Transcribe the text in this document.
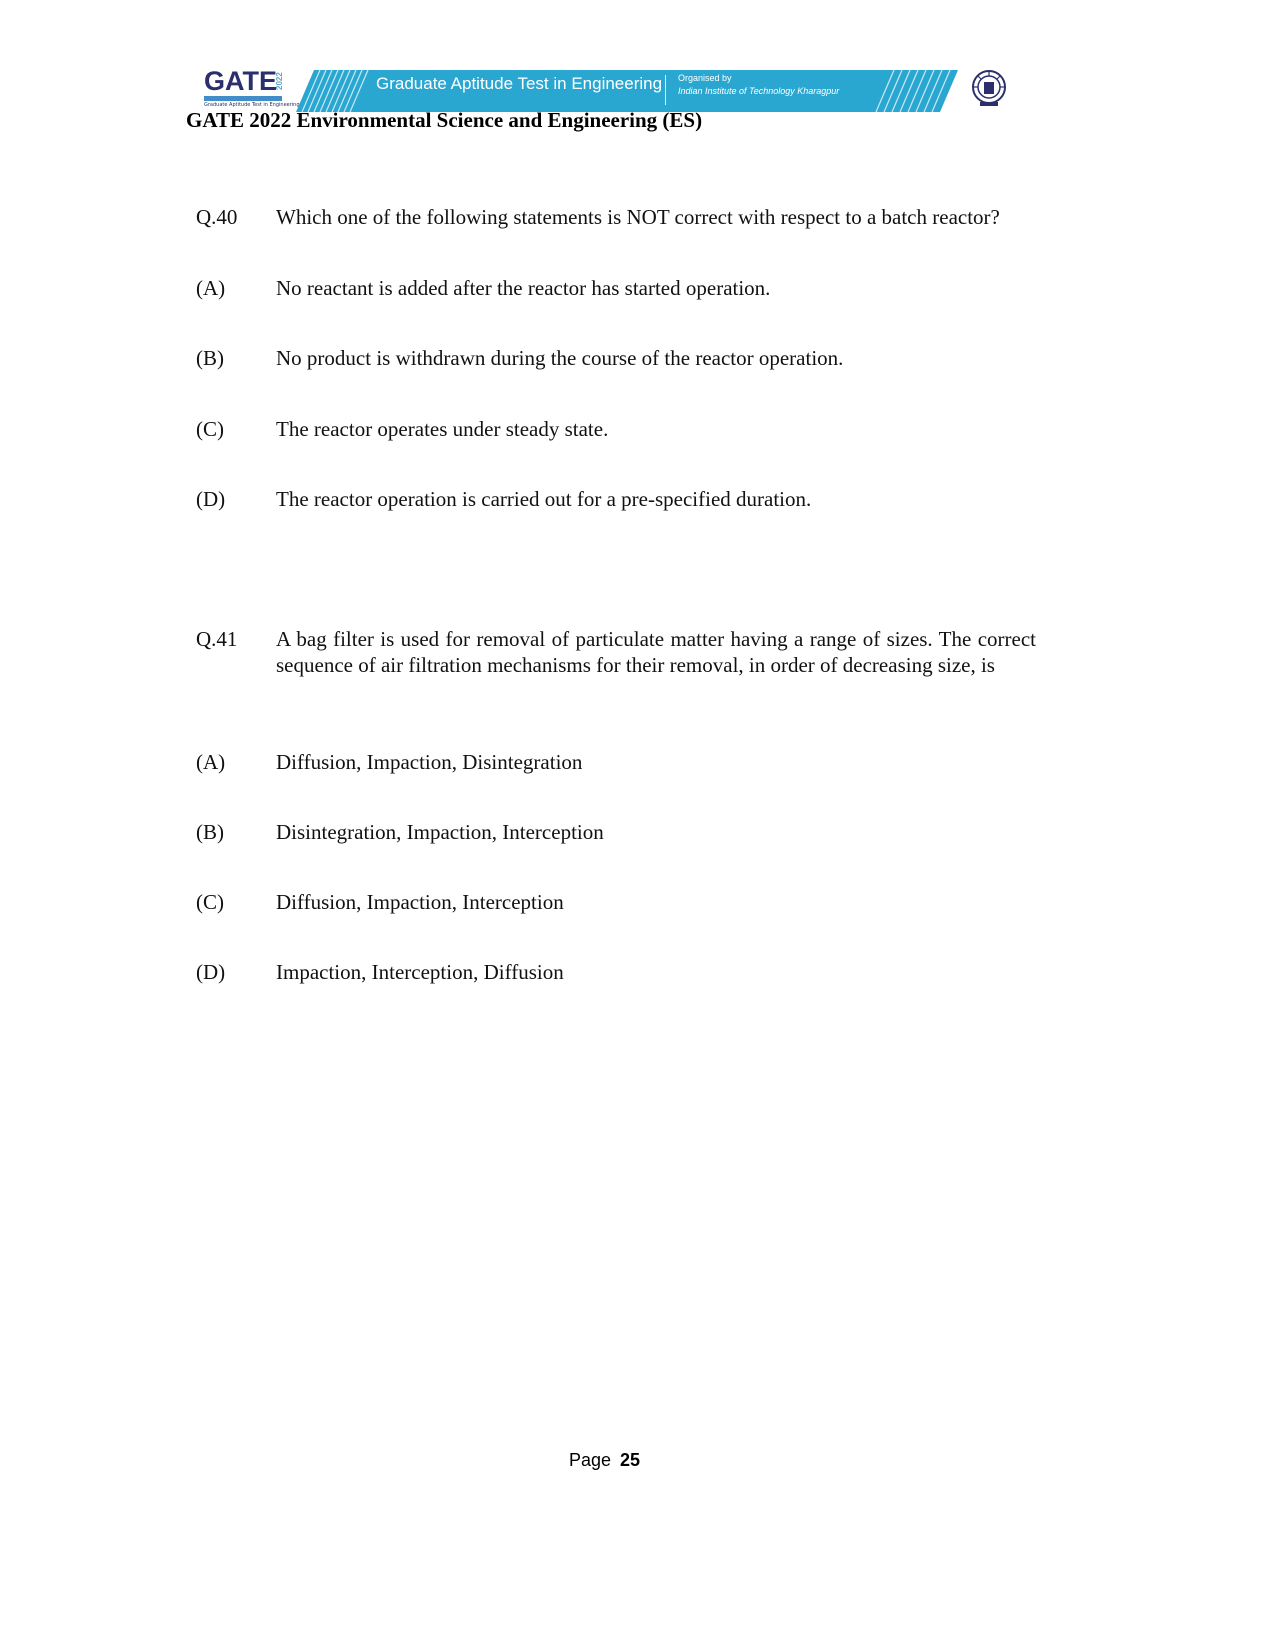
GATE
2022
Graduate Aptitude Test in Engineering
Graduate Aptitude Test in Engineering Organised by
Indian Institute of Technology Kharagpur
GATE 2022 Environmental Science and Engineering (ES)
Q.40 Which one of the following statements is NOT correct with respect to a batch reactor?
(A) No reactant is added after the reactor has started operation.
(B) No product is withdrawn during the course of the reactor operation.
(C) The reactor operates under steady state.
(D) The reactor operation is carried out for a pre-specified duration.
Q.41 A bag filter is used for removal of particulate matter having a range of sizes. The correct sequence of air filtration mechanisms for their removal, in order of decreasing size, is
(A) Diffusion, Impaction, Disintegration
(B) Disintegration, Impaction, Interception
(C) Diffusion, Impaction, Interception
(D) Impaction, Interception, Diffusion
Page 25
